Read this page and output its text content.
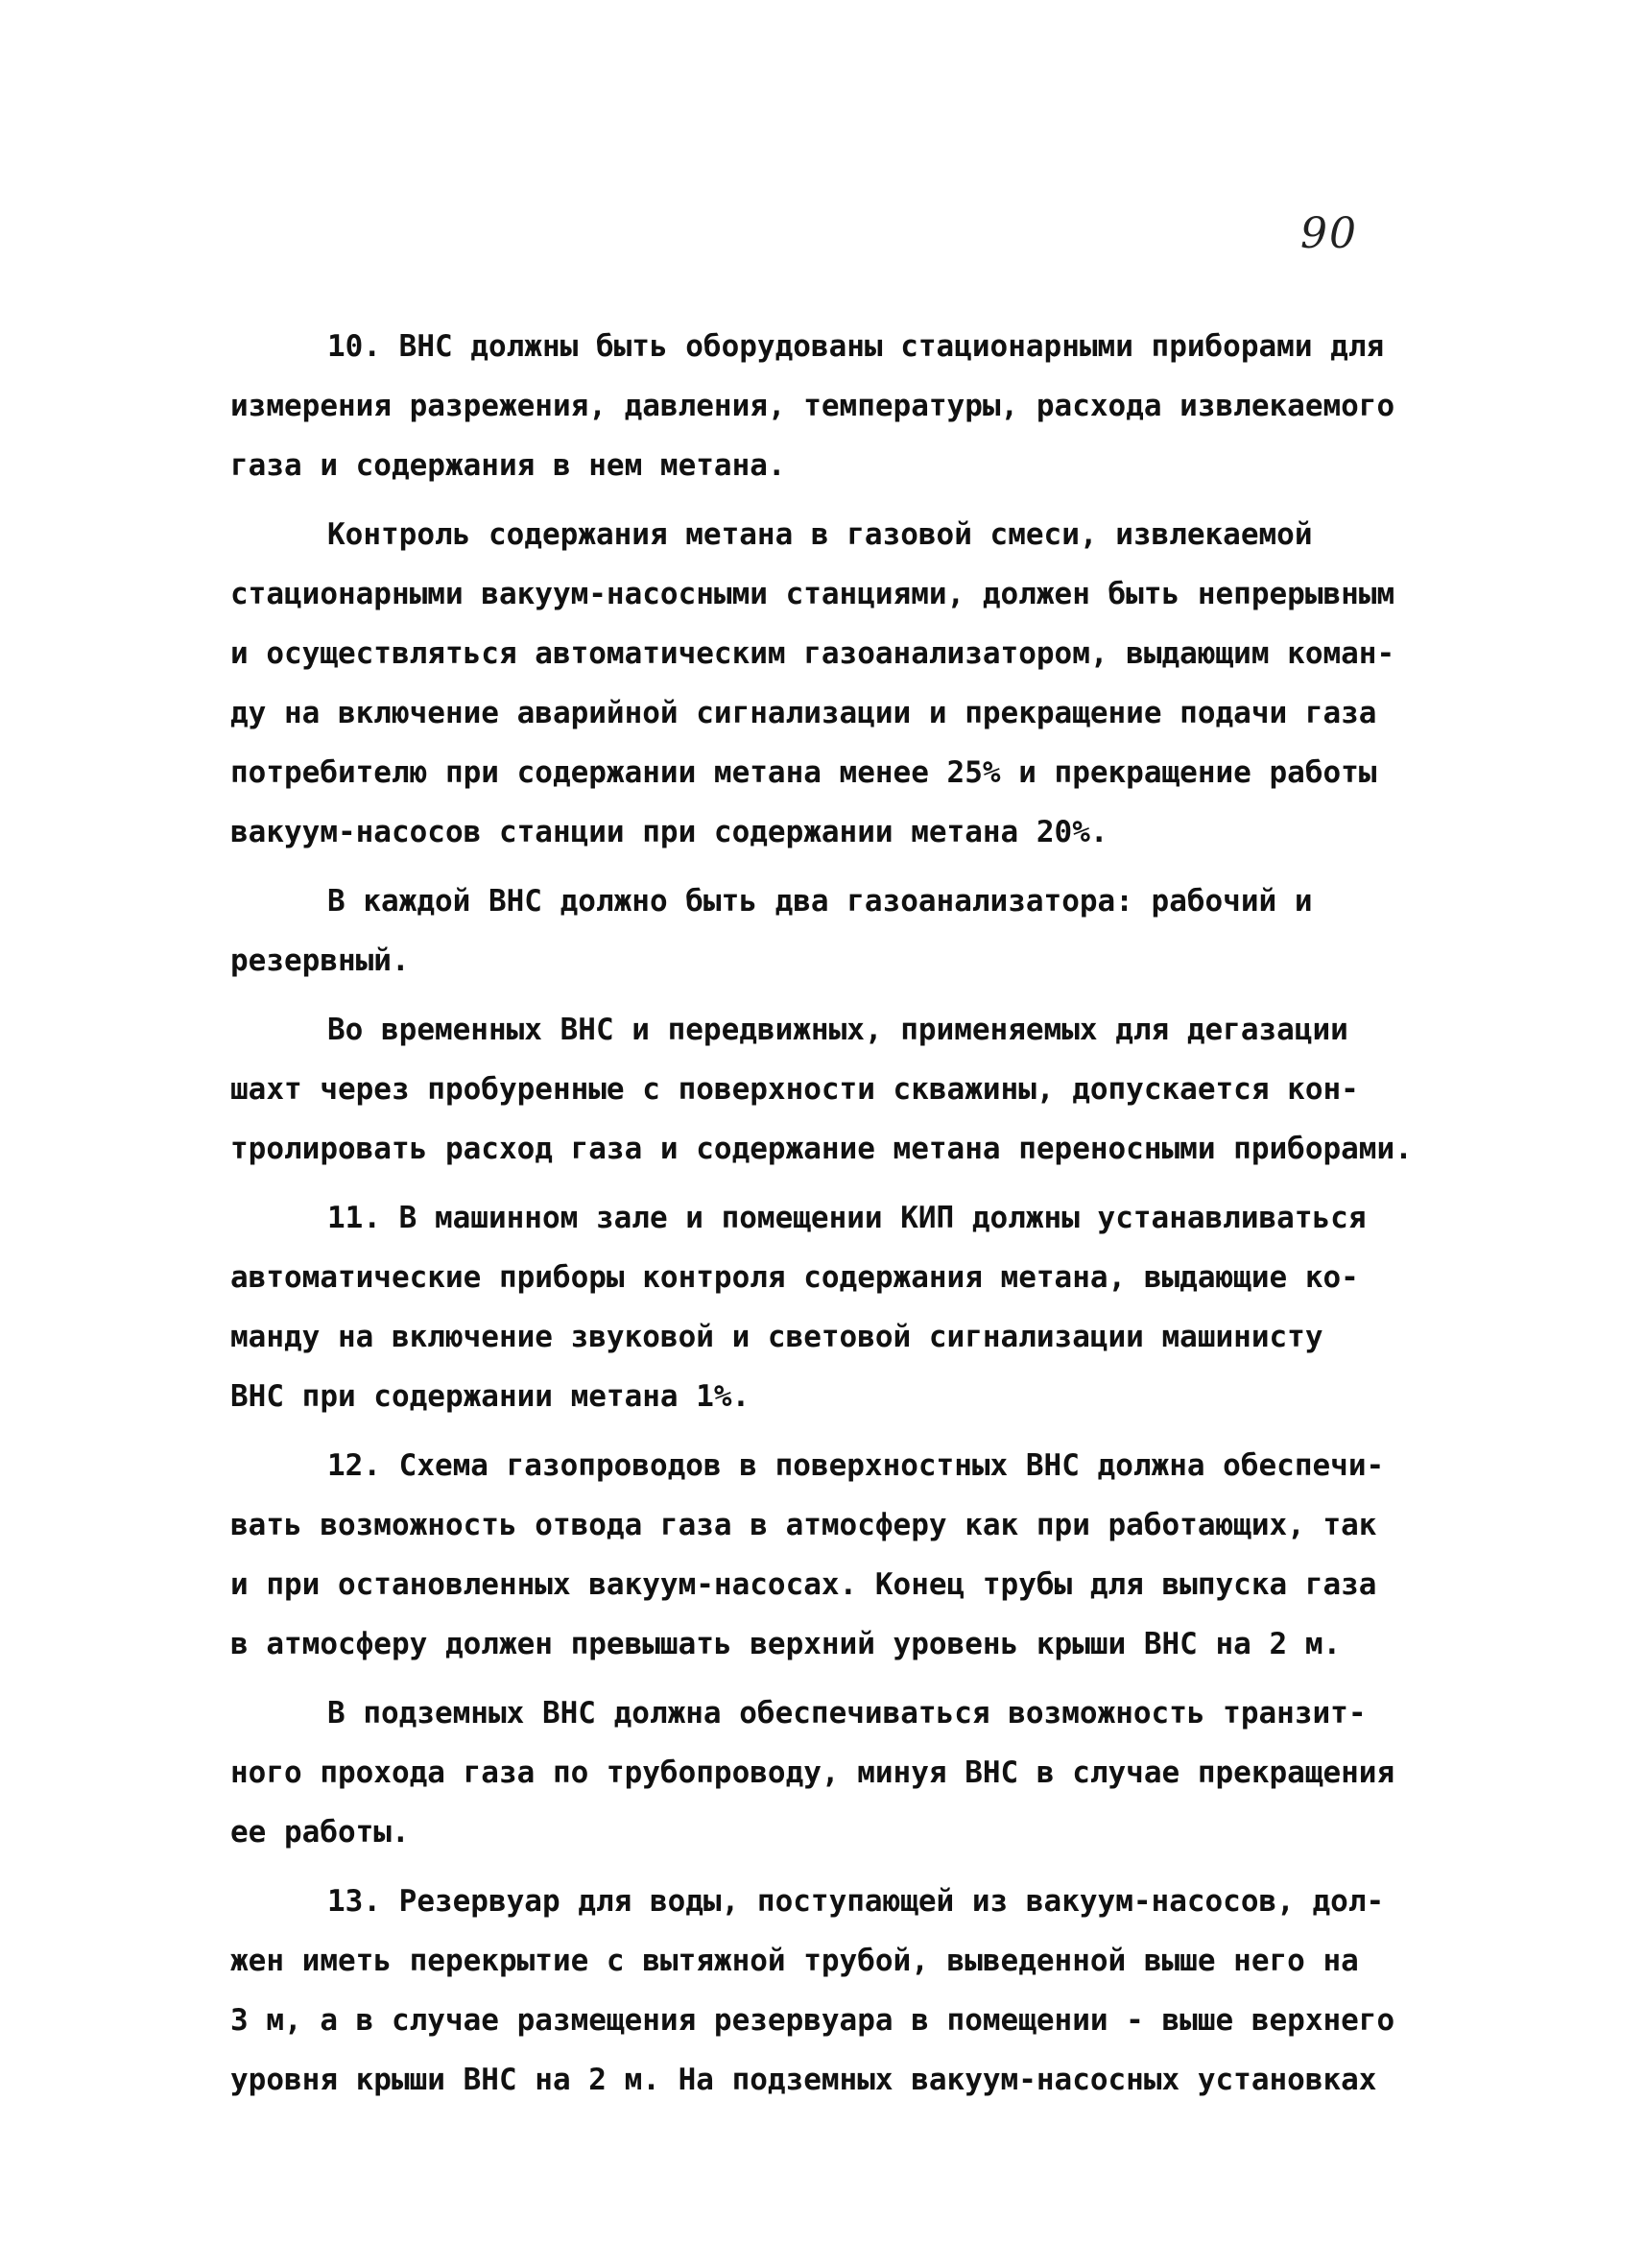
90
10. ВНС должны быть оборудованы стационарными приборами для
измерения разрежения, давления, температуры, расхода извлекаемого
газа и содержания в нем метана.
Контроль содержания метана в газовой смеси, извлекаемой
стационарными вакуум-насосными станциями, должен быть непрерывным
и осуществляться автоматическим газоанализатором, выдающим коман-
ду на включение аварийной сигнализации и прекращение подачи газа
потребителю при содержании метана менее 25% и прекращение работы
вакуум-насосов станции при содержании метана 20%.
В каждой ВНС должно быть два газоанализатора: рабочий и
резервный.
Во временных ВНС и передвижных, применяемых для дегазации
шахт через пробуренные с поверхности скважины, допускается кон-
тролировать расход газа и содержание метана переносными приборами.
11. В машинном зале и помещении КИП должны устанавливаться
автоматические приборы контроля содержания метана, выдающие ко-
манду на включение звуковой и световой сигнализации машинисту
ВНС при содержании метана 1%.
12. Схема газопроводов в поверхностных ВНС должна обеспечи-
вать возможность отвода газа в атмосферу как при работающих, так
и при остановленных вакуум-насосах. Конец трубы для выпуска газа
в атмосферу должен превышать верхний уровень крыши ВНС на 2 м.
В подземных ВНС должна обеспечиваться возможность транзит-
ного прохода газа по трубопроводу, минуя ВНС в случае прекращения
ее работы.
13. Резервуар для воды, поступающей из вакуум-насосов, дол-
жен иметь перекрытие с вытяжной трубой, выведенной выше него на
3 м, а в случае размещения резервуара в помещении - выше верхнего
уровня крыши ВНС на 2 м. На подземных вакуум-насосных установках
